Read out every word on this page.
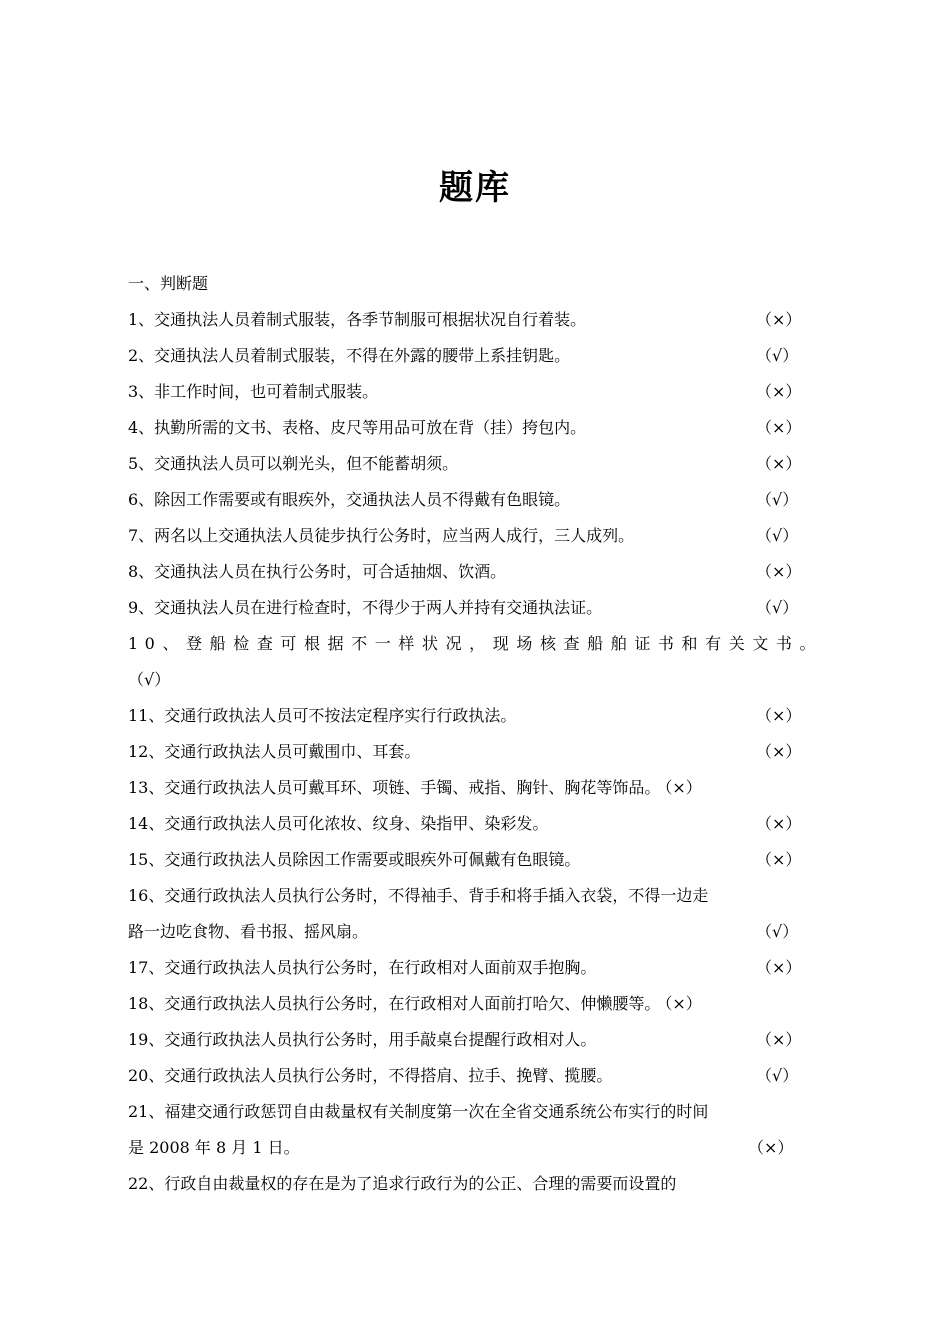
题库
一、判断题
1、交通执法人员着制式服装，各季节制服可根据状况自行着装。	（×）
2、交通执法人员着制式服装，不得在外露的腰带上系挂钥匙。	（√）
3、非工作时间，也可着制式服装。	（×）
4、执勤所需的文书、表格、皮尺等用品可放在背（挂）挎包内。	（×）
5、交通执法人员可以剃光头，但不能蓄胡须。	（×）
6、除因工作需要或有眼疾外，交通执法人员不得戴有色眼镜。	（√）
7、两名以上交通执法人员徒步执行公务时，应当两人成行，三人成列。	（√）
8、交通执法人员在执行公务时，可合适抽烟、饮酒。	（×）
9、交通执法人员在进行检查时，不得少于两人并持有交通执法证。	（√）
10、登船检查可根据不一样状况，现场核查船舶证书和有关文书。
（√）
11、交通行政执法人员可不按法定程序实行行政执法。	（×）
12、交通行政执法人员可戴围巾、耳套。	（×）
13、交通行政执法人员可戴耳环、项链、手镯、戒指、胸针、胸花等饰品。 （×）
14、交通行政执法人员可化浓妆、纹身、染指甲、染彩发。	（×）
15、交通行政执法人员除因工作需要或眼疾外可佩戴有色眼镜。	（×）
16、交通行政执法人员执行公务时，不得袖手、背手和将手插入衣袋，不得一边走
路一边吃食物、看书报、摇风扇。	（√）
17、交通行政执法人员执行公务时，在行政相对人面前双手抱胸。	（×）
18、交通行政执法人员执行公务时，在行政相对人面前打哈欠、伸懒腰等。 （×）
19、交通行政执法人员执行公务时，用手敲桌台提醒行政相对人。	（×）
20、交通行政执法人员执行公务时，不得搭肩、拉手、挽臂、揽腰。	（√）
21、福建交通行政惩罚自由裁量权有关制度第一次在全省交通系统公布实行的时间
是 2008 年 8 月 1 日。	（×）
22、行政自由裁量权的存在是为了追求行政行为的公正、合理的需要而设置的
